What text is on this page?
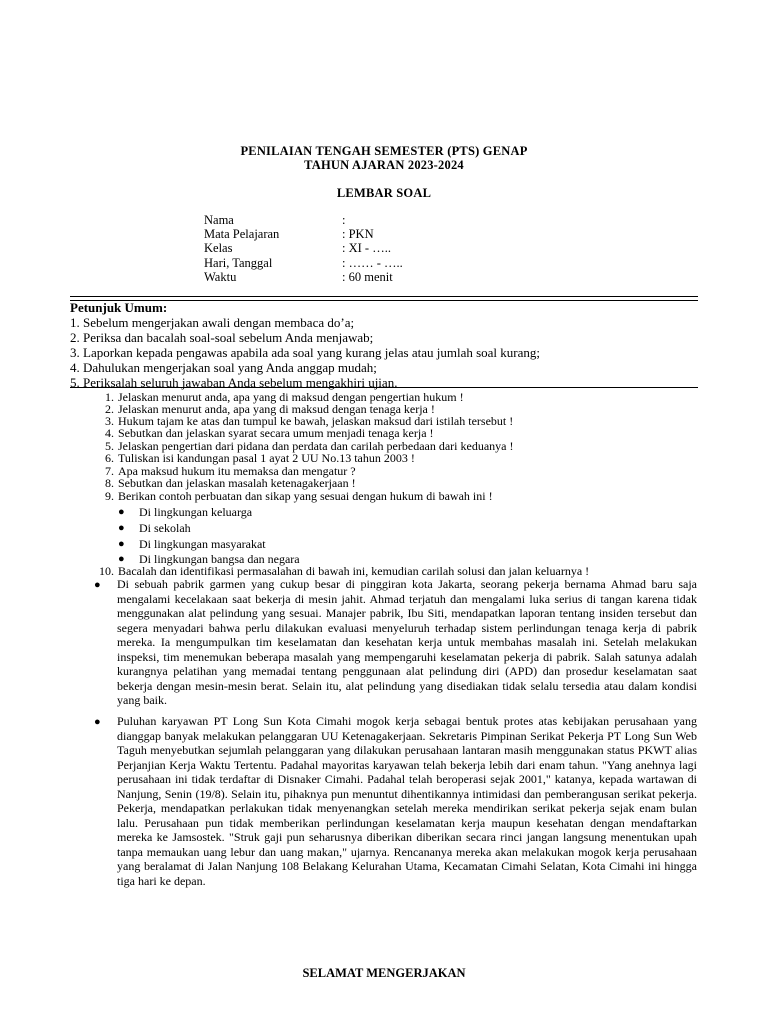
PENILAIAN TENGAH SEMESTER (PTS) GENAP
TAHUN AJARAN 2023-2024
LEMBAR SOAL
Nama	:
Mata Pelajaran	: PKN
Kelas	: XI - …..
Hari, Tanggal	: …… - …..
Waktu	: 60 menit
Petunjuk Umum:
1. Sebelum mengerjakan awali dengan membaca do’a;
2. Periksa dan bacalah soal-soal sebelum Anda menjawab;
3. Laporkan kepada pengawas apabila ada soal yang kurang jelas atau jumlah soal kurang;
4. Dahulukan mengerjakan soal yang Anda anggap mudah;
5. Periksalah seluruh jawaban Anda sebelum mengakhiri ujian.
1. Jelaskan menurut anda, apa yang di maksud dengan pengertian hukum !
2. Jelaskan menurut anda, apa yang di maksud dengan tenaga kerja !
3. Hukum tajam ke atas dan tumpul ke bawah, jelaskan maksud dari istilah tersebut !
4. Sebutkan dan jelaskan syarat secara umum menjadi tenaga kerja !
5. Jelaskan pengertian dari pidana dan perdata dan carilah perbedaan dari keduanya !
6. Tuliskan isi kandungan pasal 1 ayat 2 UU No.13 tahun 2003 !
7. Apa maksud hukum itu memaksa dan mengatur ?
8. Sebutkan dan jelaskan masalah ketenagakerjaan !
9. Berikan contoh perbuatan dan sikap yang sesuai dengan hukum di bawah ini !
● Di lingkungan keluarga
● Di sekolah
● Di lingkungan masyarakat
● Di lingkungan bangsa dan negara
10. Bacalah dan identifikasi permasalahan di bawah ini, kemudian carilah solusi dan jalan keluarnya !
● Di sebuah pabrik garmen yang cukup besar di pinggiran kota Jakarta, seorang pekerja bernama Ahmad baru saja mengalami kecelakaan saat bekerja di mesin jahit. Ahmad terjatuh dan mengalami luka serius di tangan karena tidak menggunakan alat pelindung yang sesuai. Manajer pabrik, Ibu Siti, mendapatkan laporan tentang insiden tersebut dan segera menyadari bahwa perlu dilakukan evaluasi menyeluruh terhadap sistem perlindungan tenaga kerja di pabrik mereka. Ia mengumpulkan tim keselamatan dan kesehatan kerja untuk membahas masalah ini. Setelah melakukan inspeksi, tim menemukan beberapa masalah yang mempengaruhi keselamatan pekerja di pabrik. Salah satunya adalah kurangnya pelatihan yang memadai tentang penggunaan alat pelindung diri (APD) dan prosedur keselamatan saat bekerja dengan mesin-mesin berat. Selain itu, alat pelindung yang disediakan tidak selalu tersedia atau dalam kondisi yang baik.
● Puluhan karyawan PT Long Sun Kota Cimahi mogok kerja sebagai bentuk protes atas kebijakan perusahaan yang dianggap banyak melakukan pelanggaran UU Ketenagakerjaan. Sekretaris Pimpinan Serikat Pekerja PT Long Sun Web Taguh menyebutkan sejumlah pelanggaran yang dilakukan perusahaan lantaran masih menggunakan status PKWT alias Perjanjian Kerja Waktu Tertentu. Padahal mayoritas karyawan telah bekerja lebih dari enam tahun. "Yang anehnya lagi perusahaan ini tidak terdaftar di Disnaker Cimahi. Padahal telah beroperasi sejak 2001," katanya, kepada wartawan di Nanjung, Senin (19/8). Selain itu, pihaknya pun menuntut dihentikannya intimidasi dan pemberangusan serikat pekerja. Pekerja, mendapatkan perlakukan tidak menyenangkan setelah mereka mendirikan serikat pekerja sejak enam bulan lalu. Perusahaan pun tidak memberikan perlindungan keselamatan kerja maupun kesehatan dengan mendaftarkan mereka ke Jamsostek. "Struk gaji pun seharusnya diberikan diberikan secara rinci jangan langsung menentukan upah tanpa memaukan uang lebur dan uang makan," ujarnya. Rencananya mereka akan melakukan mogok kerja perusahaan yang beralamat di Jalan Nanjung 108 Belakang Kelurahan Utama, Kecamatan Cimahi Selatan, Kota Cimahi ini hingga tiga hari ke depan.
SELAMAT MENGERJAKAN
